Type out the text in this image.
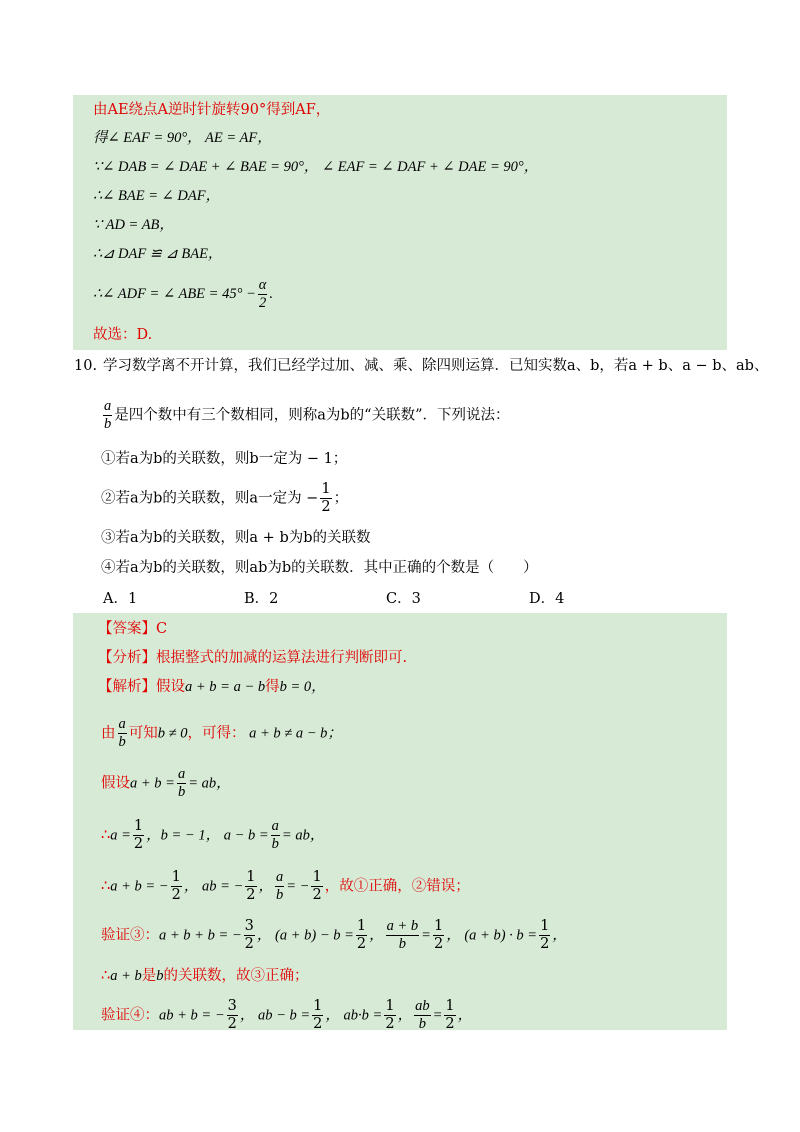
由AE绕点A逆时针旋转90°得到AF，
得∠ EAF = 90°， AE = AF，
∵∠ DAB = ∠ DAE + ∠ BAE = 90°， ∠ EAF = ∠ DAF + ∠ DAE = 90°，
∴∠ BAE = ∠ DAF，
∵ AD = AB，
∴⊿ DAF ≌ ⊿ BAE，
∴∠ ADF = ∠ ABE = $45^\circ - \frac{\alpha}{2}$ .
故选：D.
10. 学习数学离不开计算，我们已经学过加、减、乘、除四则运算．已知实数a、b，若a + b、a − b、ab、
$\frac{a}{b}$ 是四个数中有三个数相同，则称a为b的“关联数”．下列说法：
①若a为b的关联数，则b一定为 − 1；
②若a为b的关联数，则a一定为 − $\frac{1}{2}$ ；
③若a为b的关联数，则a + b为b的关联数
④若a为b的关联数，则ab为b的关联数．其中正确的个数是（　　）
A．1	B．2	C．3	D．4
【答案】C
【分析】根据整式的加减的运算法进行判断即可.
【解析】假设a + b = a − b得b = 0，
由 $\frac{a}{b}$ 可知b ≠ 0，可得： a + b ≠ a − b；
假设$a + b = \frac{a}{b}$ = ab，
∴a = $\frac{1}{2}$ ，b = − 1， $a - b = \frac{a}{b}$ = ab，
∴a + b = − $\frac{1}{2}$ ， ab = − $\frac{1}{2}$ ， $\frac{a}{b}$ = − $\frac{1}{2}$ ，故①正确，②错误；
验证③：a + b + b = − $\frac{3}{2}$ ， $(a + b) - b = \frac{1}{2}$ ， $\frac{a + b}{b} = \frac{1}{2}$ ， $(a + b) \cdot b = \frac{1}{2}$ ，
∴a + b是b的关联数，故③正确；
验证④：ab + b = − $\frac{3}{2}$ ， ab − $b = \frac{1}{2}$ ， $ab\cdot b = \frac{1}{2}$ ， $\frac{ab}{b} = \frac{1}{2}$ ，
